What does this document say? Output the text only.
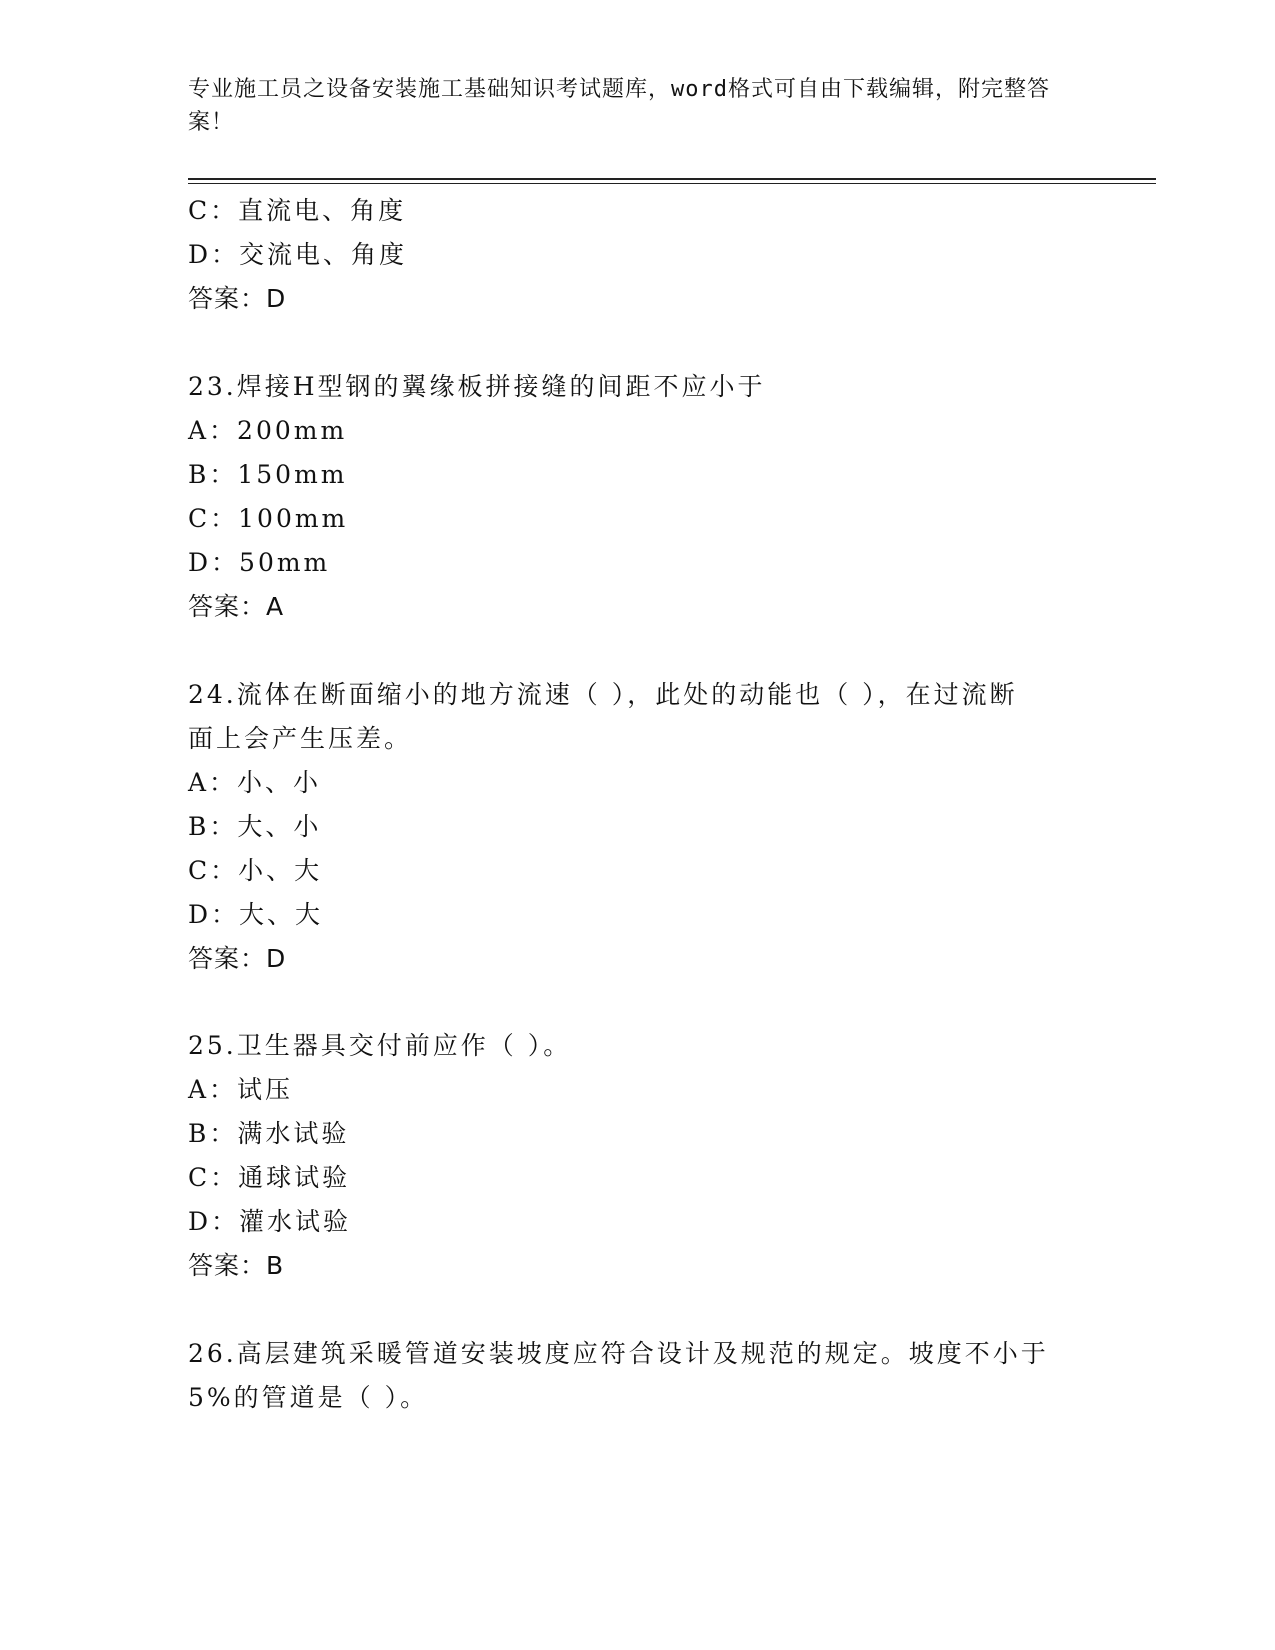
专业施工员之设备安装施工基础知识考试题库，word格式可自由下载编辑，附完整答案！
C：直流电、角度
D：交流电、角度
答案：D
23.焊接H型钢的翼缘板拼接缝的间距不应小于
A：200mm
B：150mm
C：100mm
D：50mm
答案：A
24.流体在断面缩小的地方流速（ ），此处的动能也（ ），在过流断
面上会产生压差。
A：小、小
B：大、小
C：小、大
D：大、大
答案：D
25.卫生器具交付前应作（ ）。
A：试压
B：满水试验
C：通球试验
D：灌水试验
答案：B
26.高层建筑采暖管道安装坡度应符合设计及规范的规定。坡度不小于
5%的管道是（ ）。
